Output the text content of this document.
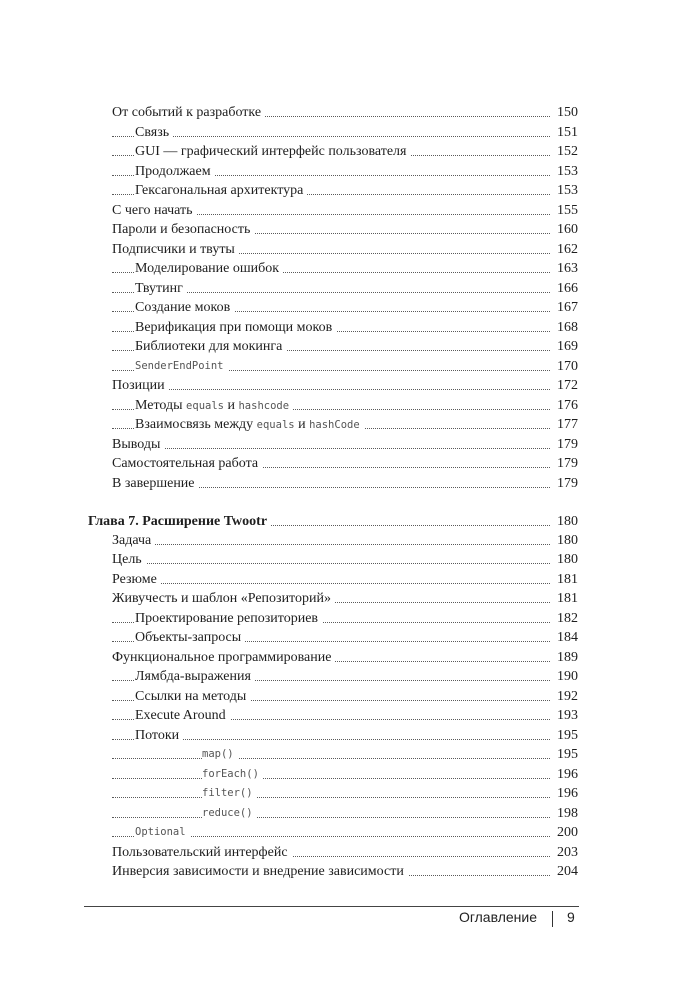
От событий к разработке	150
Связь	151
GUI — графический интерфейс пользователя	152
Продолжаем	153
Гексагональная архитектура	153
С чего начать	155
Пароли и безопасность	160
Подписчики и твуты	162
Моделирование ошибок	163
Твутинг	166
Создание моков	167
Верификация при помощи моков	168
Библиотеки для мокинга	169
SenderEndPoint	170
Позиции	172
Методы equals и hashcode	176
Взаимосвязь между equals и hashCode	177
Выводы	179
Самостоятельная работа	179
В завершение	179
Глава 7. Расширение Twootr	180
Задача	180
Цель	180
Резюме	181
Живучесть и шаблон «Репозиторий»	181
Проектирование репозиториев	182
Объекты-запросы	184
Функциональное программирование	189
Лямбда-выражения	190
Ссылки на методы	192
Execute Around	193
Потоки	195
map()	195
forEach()	196
filter()	196
reduce()	198
Optional	200
Пользовательский интерфейс	203
Инверсия зависимости и внедрение зависимости	204
Оглавление 9
